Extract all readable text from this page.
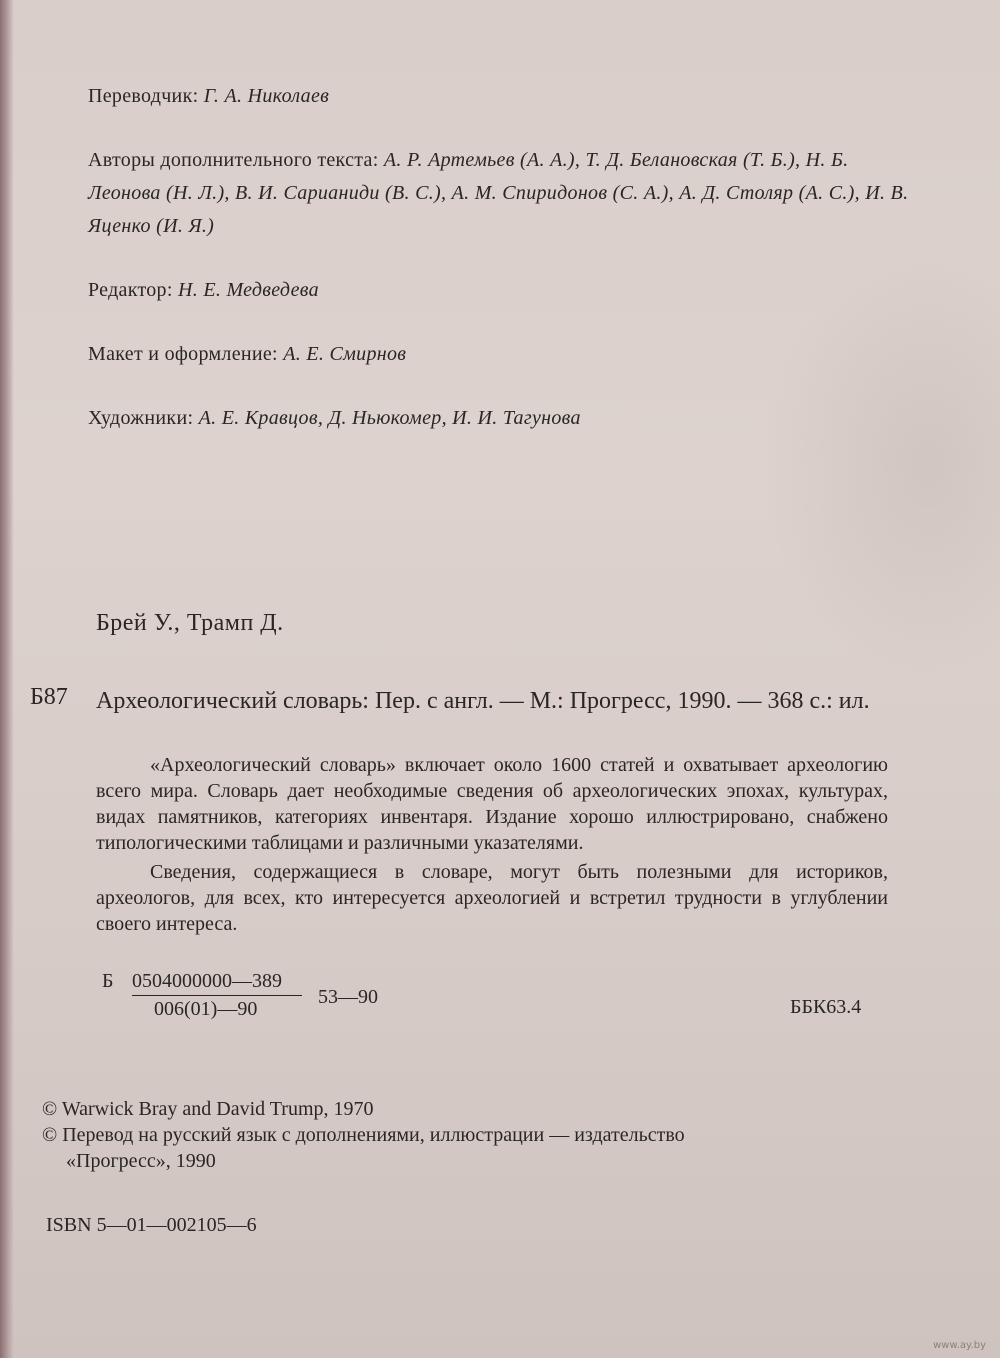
Переводчик: Г. А. Николаев
Авторы дополнительного текста: А. Р. Артемьев (А. А.), Т. Д. Белановская (Т. Б.), Н. Б. Леонова (Н. Л.), В. И. Сарианиди (В. С.), А. М. Спиридонов (С. А.), А. Д. Столяр (А. С.), И. В. Яценко (И. Я.)
Редактор: Н. Е. Медведева
Макет и оформление: А. Е. Смирнов
Художники: А. Е. Кравцов, Д. Ньюкомер, И. И. Тагунова
Брей У., Трамп Д.
Б87 Археологический словарь: Пер. с англ. — М.: Прогресс, 1990. — 368 с.: ил.

«Археологический словарь» включает около 1600 статей и охватывает археологию всего мира. Словарь дает необходимые сведения об археологических эпохах, культурах, видах памятников, категориях инвентаря. Издание хорошо иллюстрировано, снабжено типологическими таблицами и различными указателями.

Сведения, содержащиеся в словаре, могут быть полезными для историков, археологов, для всех, кто интересуется археологией и встретил трудности в углублении своего интереса.

Б 0504000000—389
006(01)—90
53—90	ББК63.4
© Warwick Bray and David Trump, 1970
© Перевод на русский язык с дополнениями, иллюстрации — издательство
«Прогресс», 1990
ISBN 5—01—002105—6
www.ay.by
